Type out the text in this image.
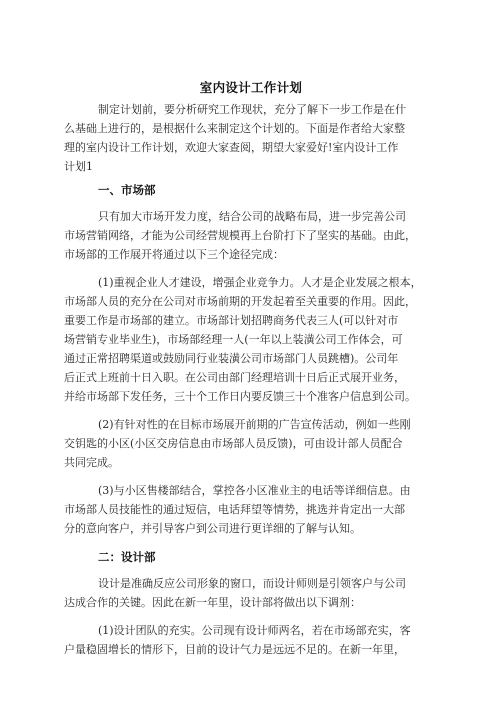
室内设计工作计划
制定计划前，要分析研究工作现状，充分了解下一步工作是在什
么基础上进行的，是根据什么来制定这个计划的。下面是作者给大家整
理的室内设计工作计划，欢迎大家查阅，期望大家爱好!室内设计工作
计划1
一、市场部
只有加大市场开发力度，结合公司的战略布局，进一步完善公司
市场营销网络，才能为公司经营规模再上台阶打下了坚实的基础。由此，
市场部的工作展开将通过以下三个途径完成：
(1)重视企业人才建设，增强企业竞争力。人才是企业发展之根本，
市场部人员的充分在公司对市场前期的开发起着至关重要的作用。因此，
重要工作是市场部的建立。市场部计划招聘商务代表三人(可以针对市
场营销专业毕业生)，市场部经理一人(一年以上装潢公司工作体会，可
通过正常招聘渠道或鼓励同行业装潢公司市场部门人员跳槽)。公司年
后正式上班前十日入职。在公司由部门经理培训十日后正式展开业务，
并给市场部下发任务，三十个工作日内要反馈三十个准客户信息到公司。
(2)有针对性的在目标市场展开前期的广告宣传活动，例如一些刚
交钥匙的小区(小区交房信息由市场部人员反馈)，可由设计部人员配合
共同完成。
(3)与小区售楼部结合，掌控各小区准业主的电话等详细信息。由
市场部人员技能性的通过短信，电话拜望等情势，挑选并肯定出一大部
分的意向客户，并引导客户到公司进行更详细的了解与认知。
二：设计部
设计是准确反应公司形象的窗口，而设计师则是引领客户与公司
达成合作的关键。因此在新一年里，设计部将做出以下调剂：
(1)设计团队的充实。公司现有设计师两名，若在市场部充实，客
户量稳固增长的情形下，目前的设计气力是远远不足的。在新一年里，
